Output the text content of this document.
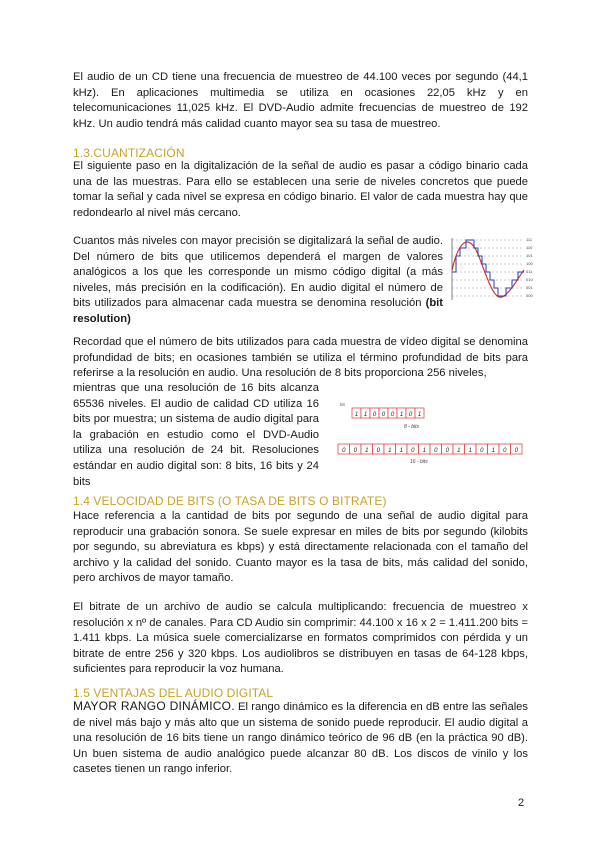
El audio de un CD tiene una frecuencia de muestreo de 44.100 veces por segundo (44,1 kHz). En aplicaciones multimedia se utiliza en ocasiones 22,05 kHz y en telecomunicaciones 11,025 kHz. El DVD-Audio admite frecuencias de muestreo de 192 kHz. Un audio tendrá más calidad cuanto mayor sea su tasa de muestreo.

1.3.CUANTIZACIÓN

El siguiente paso en la digitalización de la señal de audio es pasar a código binario cada una de las muestras. Para ello se establecen una serie de niveles concretos que puede tomar la señal y cada nivel se expresa en código binario. El valor de cada muestra hay que redondearlo al nivel más cercano.

Cuantos más niveles con mayor precisión se digitalizará la señal de audio. Del número de bits que utilicemos dependerá el margen de valores analógicos a los que les corresponde un mismo código digital (a más niveles, más precisión en la codificación). En audio digital el número de bits utilizados para almacenar cada muestra se denomina resolución (bit resolution)

111
110
101
100
011
010
001
000

Recordad que el número de bits utilizados para cada muestra de vídeo digital se denomina profundidad de bits; en ocasiones también se utiliza el término profundidad de bits para referirse a la resolución en audio. Una resolución de 8 bits proporciona 256 niveles,

mientras que una resolución de 16 bits alcanza 65536 niveles. El audio de calidad CD utiliza 16 bits por muestra; un sistema de audio digital para la grabación en estudio como el DVD-Audio utiliza una resolución de 24 bit. Resoluciones estándar en audio digital son: 8 bits, 16 bits y 24 bits

bit
1 1 0 0 0 1 0 1
8 - bits
0 0 1 0 1 1 0 1 0 0 1 1 0 1 0 0
16 - bits
1.4 VELOCIDAD DE BITS (O TASA DE BITS O BITRATE)

Hace referencia a la cantidad de bits por segundo de una señal de audio digital para reproducir una grabación sonora. Se suele expresar en miles de bits por segundo (kilobits por segundo, su abreviatura es kbps) y está directamente relacionada con el tamaño del archivo y la calidad del sonido. Cuanto mayor es la tasa de bits, más calidad del sonido, pero archivos de mayor tamaño.

El bitrate de un archivo de audio se calcula multiplicando: frecuencia de muestreo x resolución x nº de canales. Para CD Audio sin comprimir: 44.100 x 16 x 2 = 1.411.200 bits = 1.411 kbps. La música suele comercializarse en formatos comprimidos con pérdida y un bitrate de entre 256 y 320 kbps. Los audiolibros se distribuyen en tasas de 64-128 kbps, suficientes para reproducir la voz humana.

1.5 VENTAJAS DEL AUDIO DIGITAL

MAYOR RANGO DINÁMICO. El rango dinámico es la diferencia en dB entre las señales de nivel más bajo y más alto que un sistema de sonido puede reproducir. El audio digital a una resolución de 16 bits tiene un rango dinámico teórico de 96 dB (en la práctica 90 dB). Un buen sistema de audio analógico puede alcanzar 80 dB. Los discos de vinilo y los casetes tienen un rango inferior.

2
